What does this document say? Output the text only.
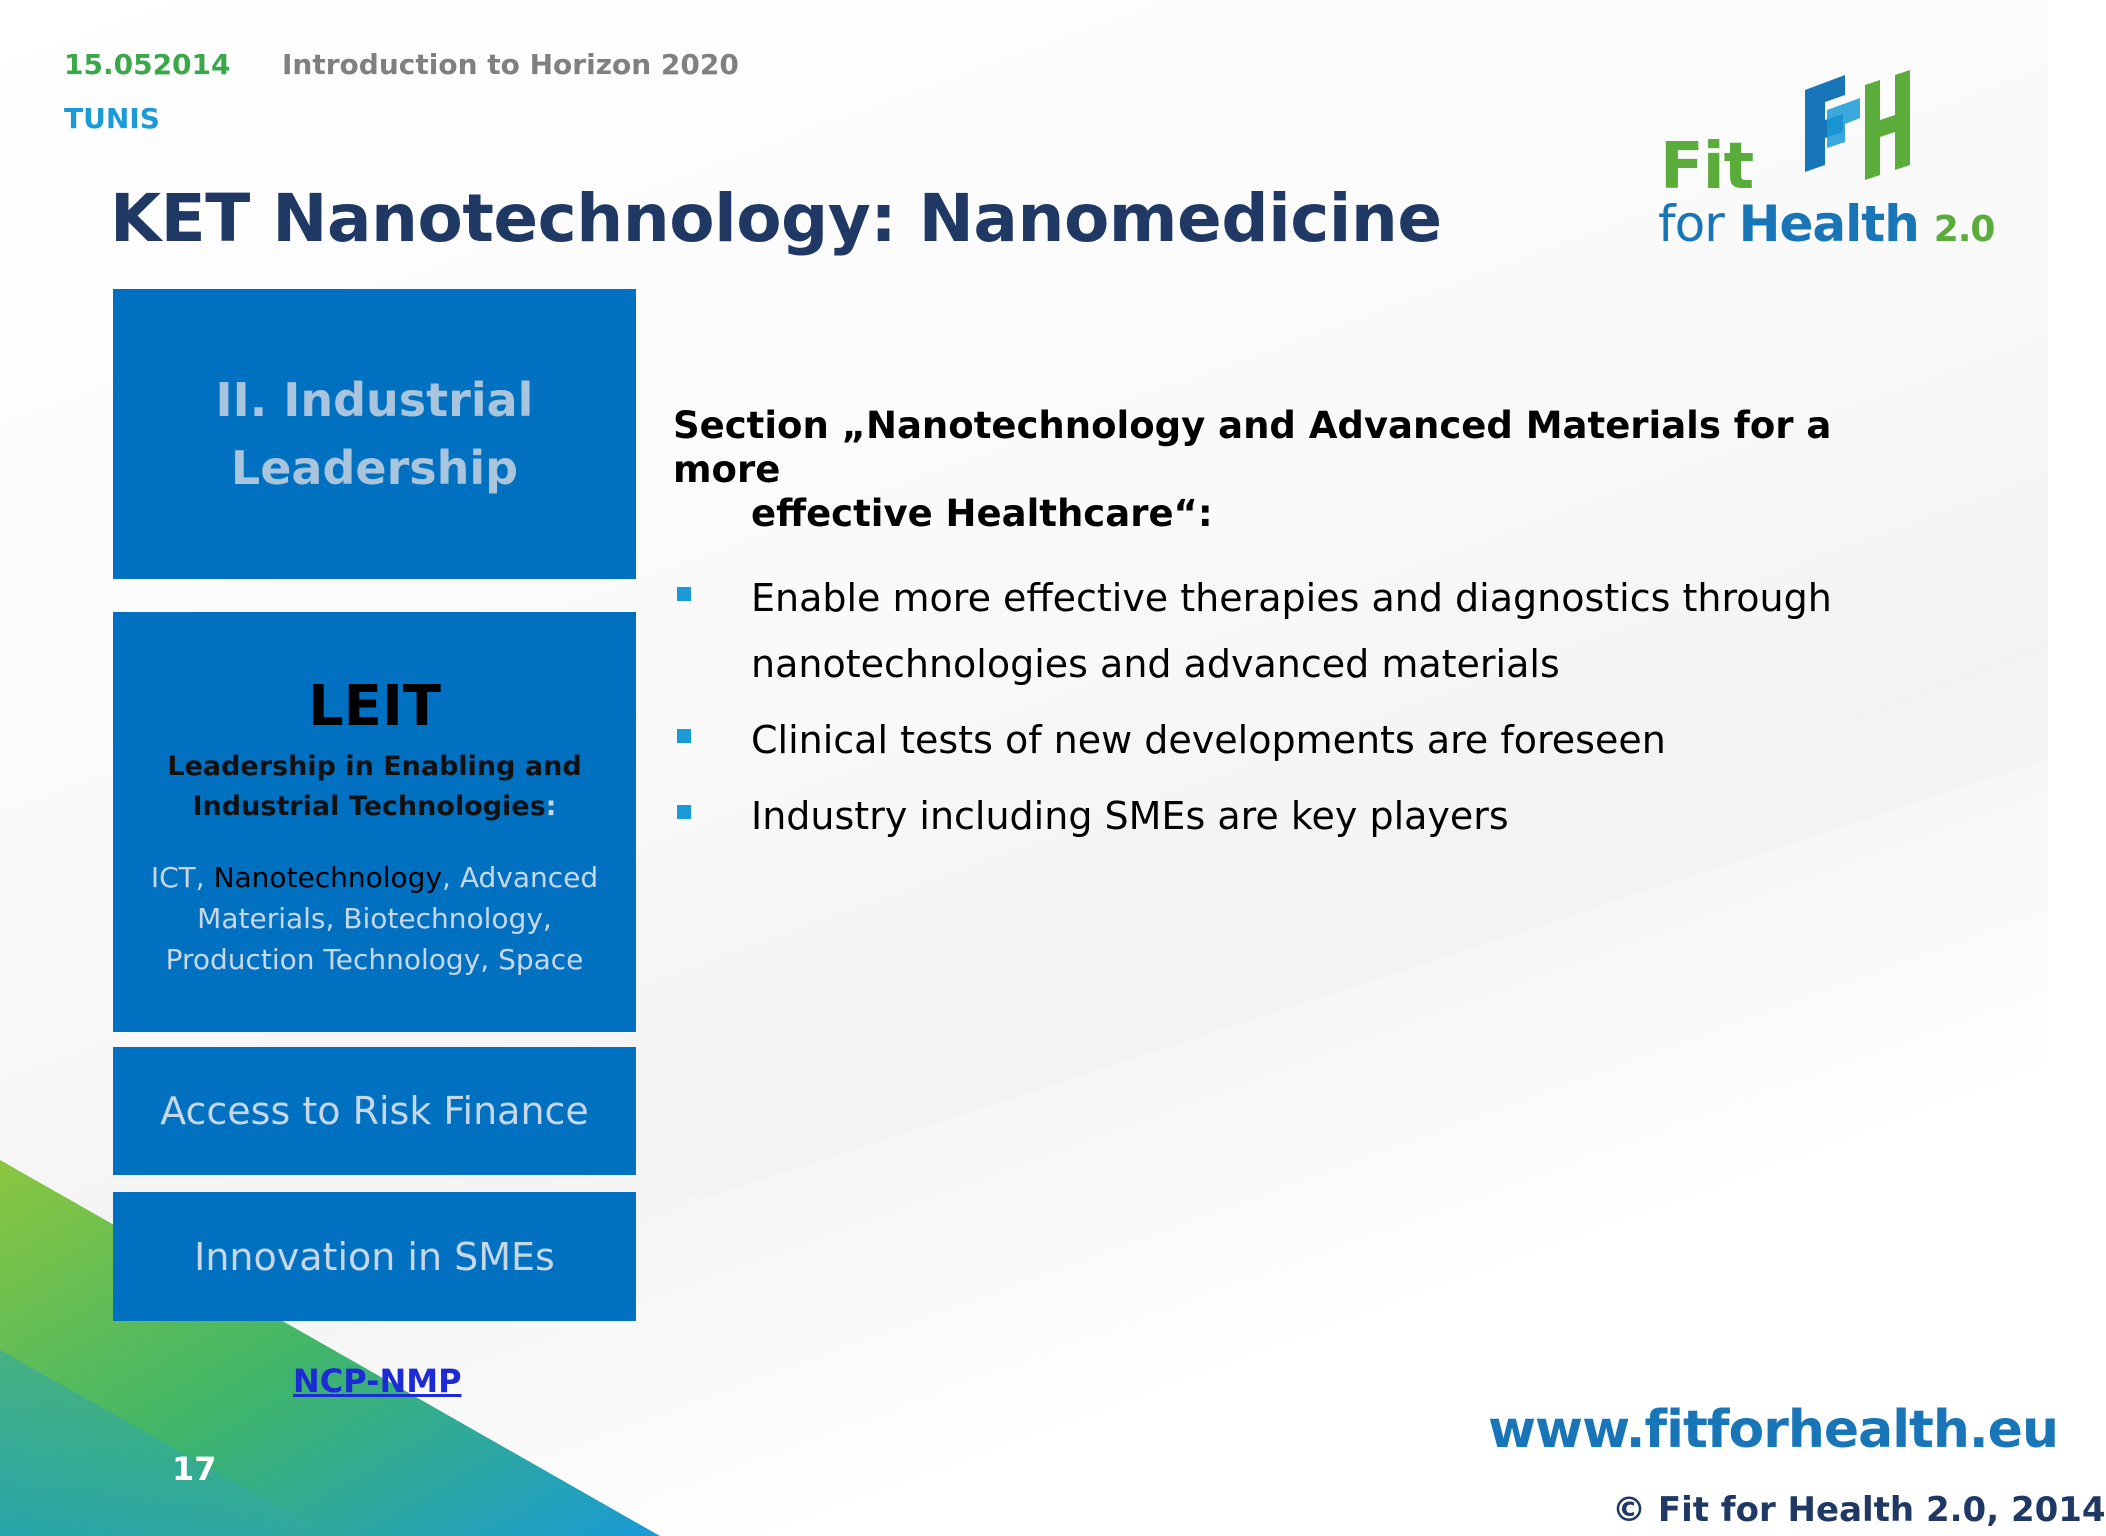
15.052014 Introduction to Horizon 2020
TUNIS
KET Nanotechnology: Nanomedicine
Fit
for Health 2.0
II. Industrial
Leadership
LEIT
Leadership in Enabling and
Industrial Technologies:
ICT, Nanotechnology, Advanced
Materials, Biotechnology,
Production Technology, Space
Access to Risk Finance
Innovation in SMEs
NCP-NMP
17
Section „Nanotechnology and Advanced Materials for a more
effective Healthcare“:
Enable more effective therapies and diagnostics through nanotechnologies and advanced materials
Clinical tests of new developments are foreseen
Industry including SMEs are key players
www.fitforhealth.eu
© Fit for Health 2.0, 2014
